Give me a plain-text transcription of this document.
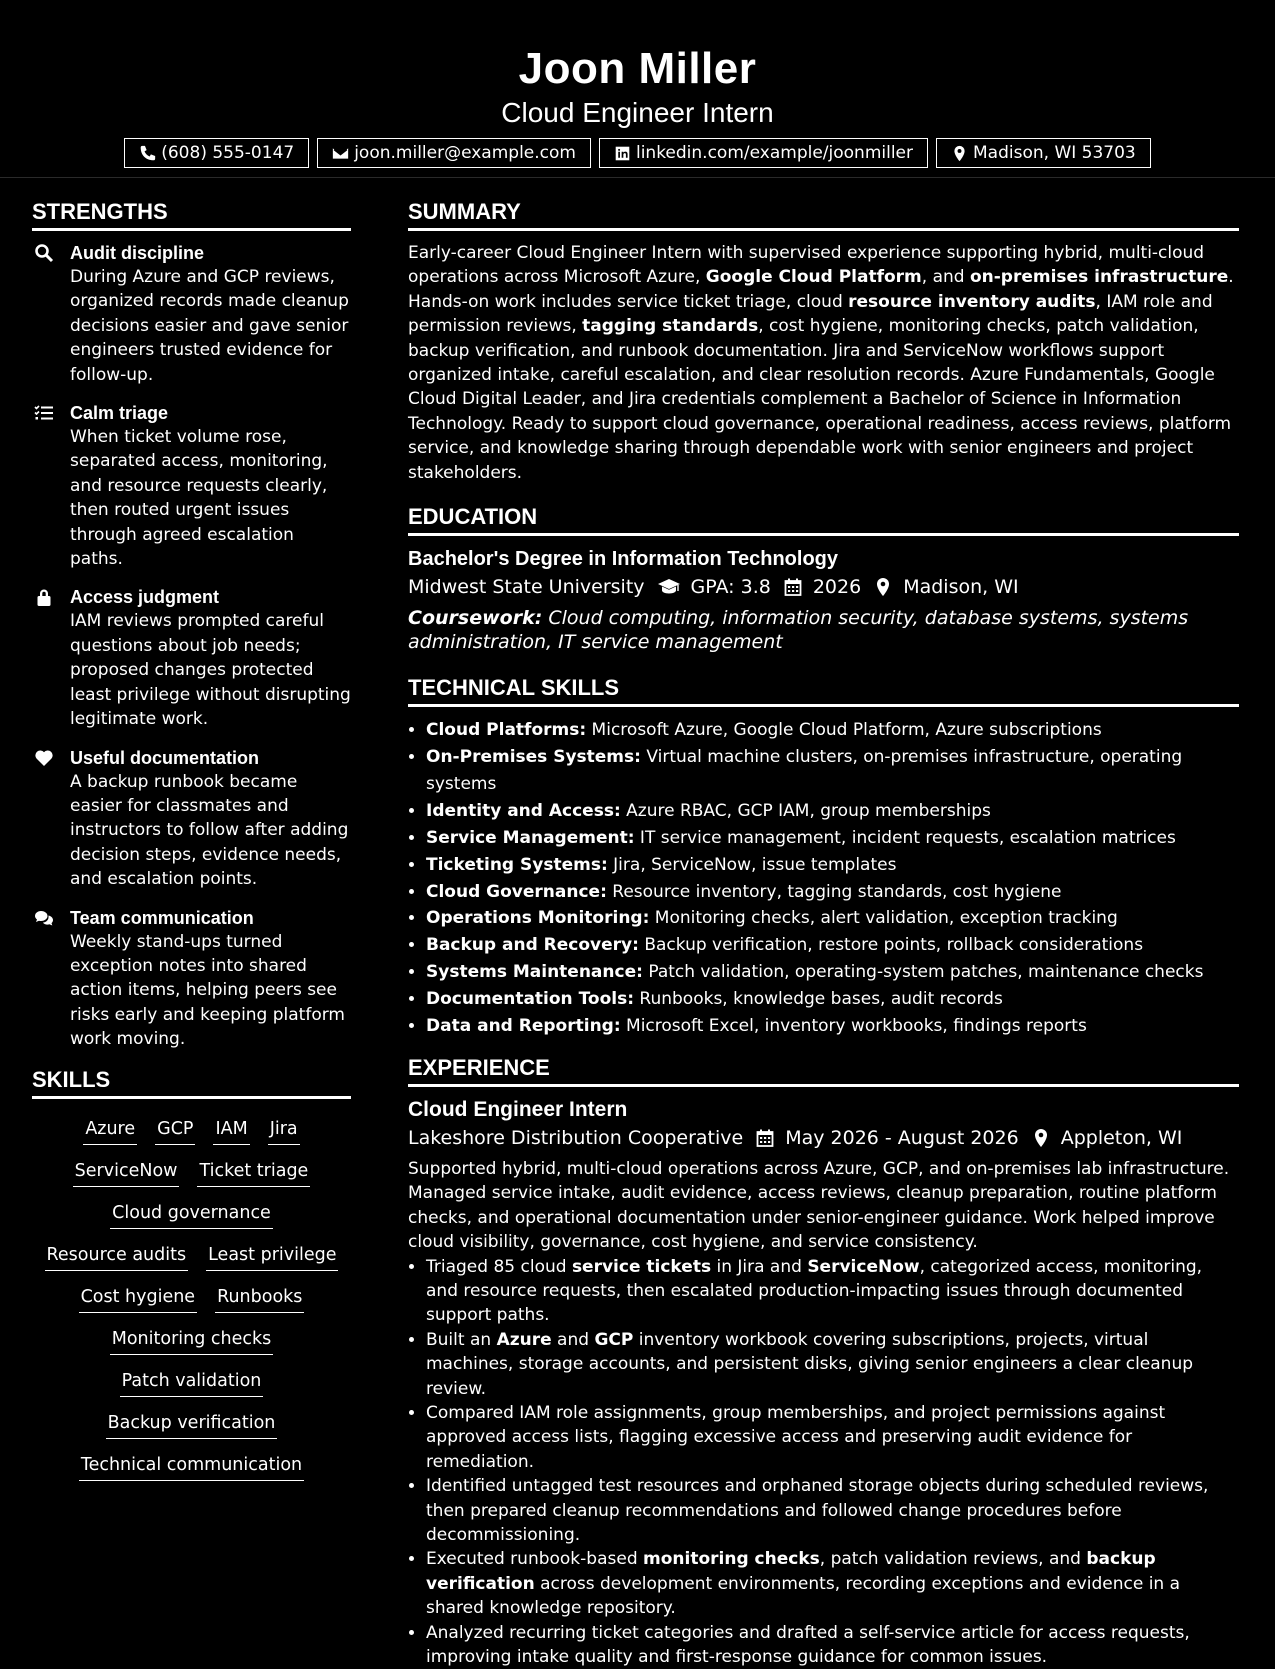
Joon Miller
Cloud Engineer Intern
(608) 555-0147	joon.miller@example.com	linkedin.com/example/joonmiller	Madison, WI 53703
STRENGTHS
Audit discipline
During Azure and GCP reviews, organized records made cleanup decisions easier and gave senior engineers trusted evidence for follow-up.
Calm triage
When ticket volume rose, separated access, monitoring, and resource requests clearly, then routed urgent issues through agreed escalation paths.
Access judgment
IAM reviews prompted careful questions about job needs; proposed changes protected least privilege without disrupting legitimate work.
Useful documentation
A backup runbook became easier for classmates and instructors to follow after adding decision steps, evidence needs, and escalation points.
Team communication
Weekly stand-ups turned exception notes into shared action items, helping peers see risks early and keeping platform work moving.
SKILLS
Azure GCP IAM Jira
ServiceNow Ticket triage
Cloud governance
Resource audits Least privilege
Cost hygiene Runbooks
Monitoring checks
Patch validation
Backup verification
Technical communication
SUMMARY
Early-career Cloud Engineer Intern with supervised experience supporting hybrid, multi-cloud operations across Microsoft Azure, Google Cloud Platform, and on-premises infrastructure. Hands-on work includes service ticket triage, cloud resource inventory audits, IAM role and permission reviews, tagging standards, cost hygiene, monitoring checks, patch validation, backup verification, and runbook documentation. Jira and ServiceNow workflows support organized intake, careful escalation, and clear resolution records. Azure Fundamentals, Google Cloud Digital Leader, and Jira credentials complement a Bachelor of Science in Information Technology. Ready to support cloud governance, operational readiness, access reviews, platform service, and knowledge sharing through dependable work with senior engineers and project stakeholders.
EDUCATION
Bachelor's Degree in Information Technology
Midwest State University GPA: 3.8 2026 Madison, WI
Coursework: Cloud computing, information security, database systems, systems administration, IT service management
TECHNICAL SKILLS
• Cloud Platforms: Microsoft Azure, Google Cloud Platform, Azure subscriptions
• On-Premises Systems: Virtual machine clusters, on-premises infrastructure, operating systems
• Identity and Access: Azure RBAC, GCP IAM, group memberships
• Service Management: IT service management, incident requests, escalation matrices
• Ticketing Systems: Jira, ServiceNow, issue templates
• Cloud Governance: Resource inventory, tagging standards, cost hygiene
• Operations Monitoring: Monitoring checks, alert validation, exception tracking
• Backup and Recovery: Backup verification, restore points, rollback considerations
• Systems Maintenance: Patch validation, operating-system patches, maintenance checks
• Documentation Tools: Runbooks, knowledge bases, audit records
• Data and Reporting: Microsoft Excel, inventory workbooks, findings reports
EXPERIENCE
Cloud Engineer Intern
Lakeshore Distribution Cooperative May 2026 - August 2026 Appleton, WI
Supported hybrid, multi-cloud operations across Azure, GCP, and on-premises lab infrastructure. Managed service intake, audit evidence, access reviews, cleanup preparation, routine platform checks, and operational documentation under senior-engineer guidance. Work helped improve cloud visibility, governance, cost hygiene, and service consistency.
• Triaged 85 cloud service tickets in Jira and ServiceNow, categorized access, monitoring, and resource requests, then escalated production-impacting issues through documented support paths.
• Built an Azure and GCP inventory workbook covering subscriptions, projects, virtual machines, storage accounts, and persistent disks, giving senior engineers a clear cleanup review.
• Compared IAM role assignments, group memberships, and project permissions against approved access lists, flagging excessive access and preserving audit evidence for remediation.
• Identified untagged test resources and orphaned storage objects during scheduled reviews, then prepared cleanup recommendations and followed change procedures before decommissioning.
• Executed runbook-based monitoring checks, patch validation reviews, and backup verification across development environments, recording exceptions and evidence in a shared knowledge repository.
• Analyzed recurring ticket categories and drafted a self-service article for access requests, improving intake quality and first-response guidance for common issues.
